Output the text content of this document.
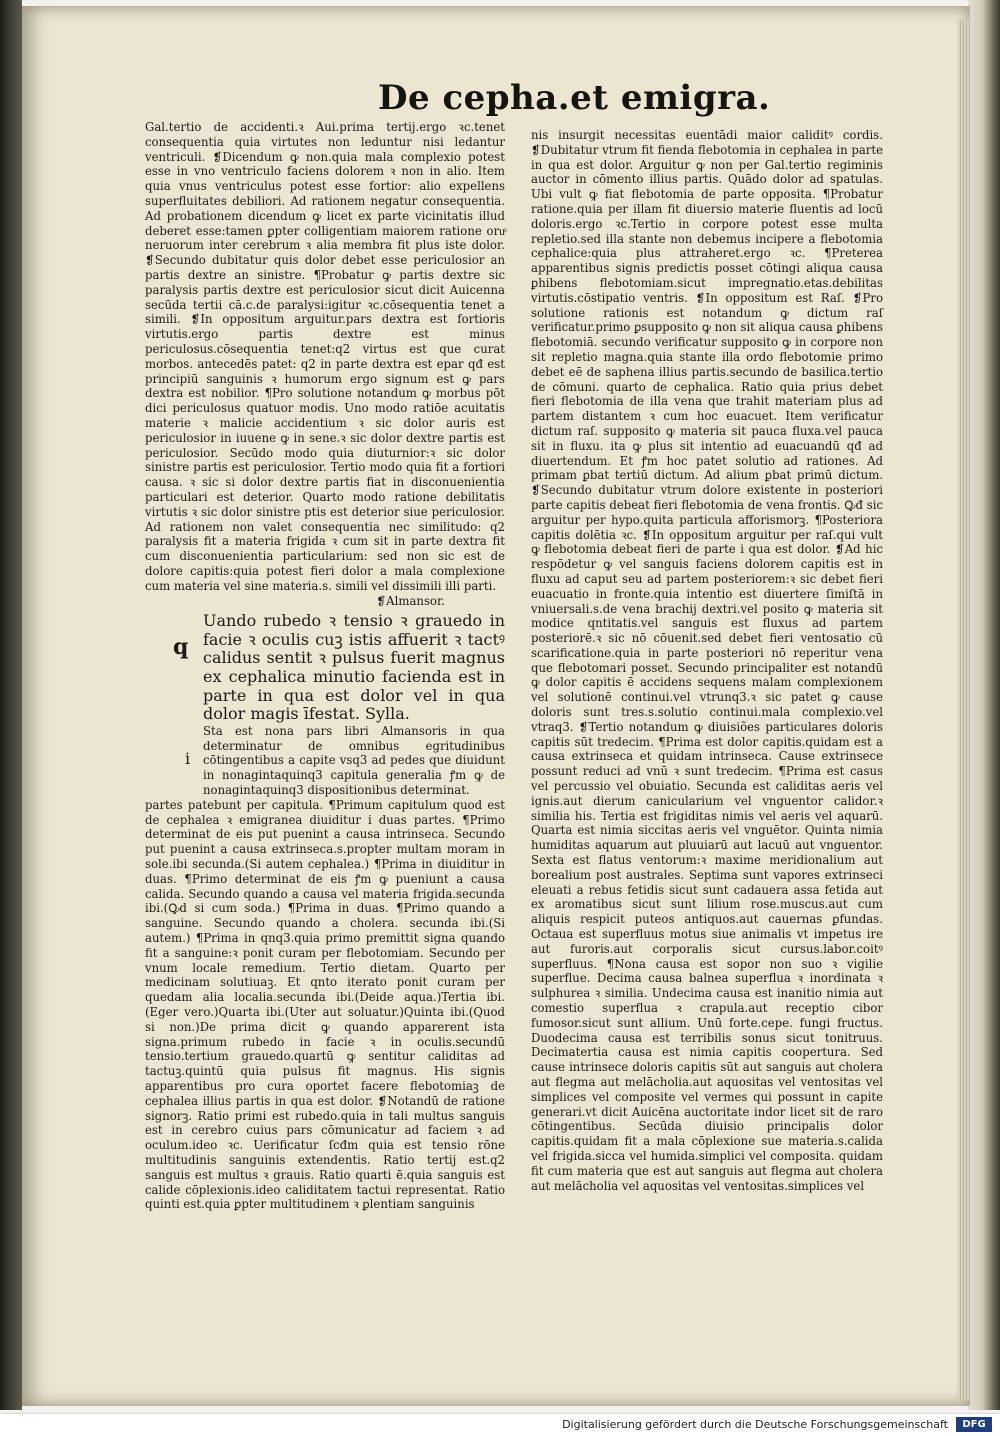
De cepha.et emigra.

Gal.tertio de accidenti.ꝛ Aui.prima tertij.ergo ꝛc.tenet consequentia quia virtutes non leduntur nisi ledantur ventriculi. ❡Dicendum ꝙ non.quia mala complexio potest esse in vno ventriculo faciens dolorem ꝛ non in alio. Item quia vnus ventriculus potest esse fortior: alio expellens superfluitates debiliori. Ad rationem negatur consequentia. Ad probationem dicendum ꝙ licet ex parte vicinitatis illud deberet esse:tamen ꝑpter colligentiam maiorem ratione oruͦ neruorum inter cerebrum ꝛ alia membra fit plus iste dolor. ❡Secundo dubitatur quis dolor debet esse periculosior an partis dextre an sinistre. ¶Probatur ꝙ partis dextre sic paralysis partis dextre est periculosior sicut dicit Auicenna secūda tertii cā.c.de paralysi:igitur ꝛc.cōsequentia tenet a simili. ❡In oppositum arguitur.pars dextra est fortioris virtutis.ergo partis dextre est minus periculosus.cōsequentia tenet:q2 virtus est que curat morbos. antecedēs patet: q2 in parte dextra est epar qđ est principiū sanguinis ꝛ humorum ergo signum est ꝙ pars dextra est nobilior. ¶Pro solutione notandum ꝙ morbus pōt dici periculosus quatuor modis. Uno modo ratiōe acuitatis materie ꝛ malicie accidentium ꝛ sic dolor auris est periculosior in iuuene ꝙ in sene.ꝛ sic dolor dextre partis est periculosior. Secūdo modo quia diuturnior:ꝛ sic dolor sinistre partis est periculosior. Tertio modo quia fit a fortiori causa. ꝛ sic si dolor dextre partis fiat in disconuenientia particulari est deterior. Quarto modo ratione debilitatis virtutis ꝛ sic dolor sinistre ptis est deterior siue periculosior. Ad rationem non valet consequentia nec similitudo: q2 paralysis fit a materia frigida ꝛ cum sit in parte dextra fit cum disconuenientia particularium: sed non sic est de dolore capitis:quia potest fieri dolor a mala complexione cum materia vel sine materia.s. simili vel dissimili illi parti.

❡Almansor.

q

Uando rubedo ꝛ tensio ꝛ grauedo in facie ꝛ oculis cuꝫ istis affuerit ꝛ tactꝰ calidus sentit ꝛ pulsus fuerit magnus ex cephalica minutio facienda est in parte in qua est dolor vel in qua dolor magis īfestat. Sylla.

i

Sta est nona pars libri Almansoris in qua determinatur de omnibus egritudinibus cōtingentibus a capite vsq3 ad pedes que diuidunt in nonagintaquinq3 capitula generalia ꝭm ꝙ de nonagintaquinq3 dispositionibus determinat.

partes patebunt per capitula. ¶Primum capitulum quod est de cephalea ꝛ emigranea diuiditur i duas partes. ¶Primo determinat de eis put puenint a causa intrinseca. Secundo put puenint a causa extrinseca.s.propter multam moram in sole.ibi secunda.(Si autem cephalea.) ¶Prima in diuiditur in duas. ¶Primo determinat de eis ꝭm ꝙ pueniunt a causa calida. Secundo quando a causa vel materia frigida.secunda ibi.(Ꝙd si cum soda.) ¶Prima in duas. ¶Primo quando a sanguine. Secundo quando a cholera. secunda ibi.(Si autem.) ¶Prima in qnq3.quia primo premittit signa quando fit a sanguine:ꝛ ponit curam per flebotomiam. Secundo per vnum locale remedium. Tertio dietam. Quarto per medicinam solutiuaꝫ. Et qnto iterato ponit curam per quedam alia localia.secunda ibi.(Deide aqua.)Tertia ibi.(Eger vero.)Quarta ibi.(Uter aut soluatur.)Quinta ibi.(Quod si non.)De prima dicit ꝙ quando apparerent ista signa.primum rubedo in facie ꝛ in oculis.secundū tensio.tertium grauedo.quartū ꝙ sentitur caliditas ad tactuꝫ.quintū quia pulsus fit magnus. His signis apparentibus pro cura oportet facere flebotomiaꝫ de cephalea illius partis in qua est dolor. ❡Notandū de ratione signorꝫ. Ratio primi est rubedo.quia in tali multus sanguis est in cerebro cuius pars cōmunicatur ad faciem ꝛ ad oculum.ideo ꝛc. Uerificatur ſcđm quia est tensio rōne multitudinis sanguinis extendentis. Ratio tertij est.q2 sanguis est multus ꝛ grauis. Ratio quarti ē.quia sanguis est calide cōplexionis.ideo caliditatem tactui representat. Ratio quinti est.quia ꝑpter multitudinem ꝛ ꝑlentiam sanguinis

nis insurgit necessitas euentādi maior caliditꝰ cordis. ❡Dubitatur vtrum fit fienda flebotomia in cephalea in parte in qua est dolor. Arguitur ꝙ non per Gal.tertio regiminis auctor in cōmento illius partis. Quādo dolor ad spatulas. Ubi vult ꝙ fiat flebotomia de parte opposita. ¶Probatur ratione.quia per illam fit diuersio materie fluentis ad locū doloris.ergo ꝛc.Tertio in corpore potest esse multa repletio.sed illa stante non debemus incipere a flebotomia cephalice:quia plus attraheret.ergo ꝛc. ¶Preterea apparentibus signis predictis posset cōtingi aliqua causa ꝑhibens flebotomiam.sicut impregnatio.etas.debilitas virtutis.cōstipatio ventris. ❡In oppositum est Raſ. ❡Pro solutione rationis est notandum ꝙ dictum raſ verificatur.primo ꝑsupposito ꝙ non sit aliqua causa ꝑhibens flebotomiā. secundo verificatur supposito ꝙ in corpore non sit repletio magna.quia stante illa ordo flebotomie primo debet eē de saphena illius partis.secundo de basilica.tertio de cōmuni. quarto de cephalica. Ratio quia prius debet fieri flebotomia de illa vena que trahit materiam plus ad partem distantem ꝛ cum hoc euacuet. Item verificatur dictum raſ. supposito ꝙ materia sit pauca fluxa.vel pauca sit in fluxu. ita ꝙ plus sit intentio ad euacuandū qđ ad diuertendum. Et ꝭm hoc patet solutio ad rationes. Ad primam ꝑbat tertiū dictum. Ad alium ꝑbat primū dictum. ❡Secundo dubitatur vtrum dolore existente in posteriori parte capitis debeat fieri flebotomia de vena frontis. Ꝙđ sic arguitur per hypo.quita particula afforismorꝫ. ¶Posteriora capitis dolētia ꝛc. ❡In oppositum arguitur per raſ.qui vult ꝙ flebotomia debeat fieri de parte i qua est dolor. ❡Ad hic respōdetur ꝙ vel sanguis faciens dolorem capitis est in fluxu ad caput seu ad partem posteriorem:ꝛ sic debet fieri euacuatio in fronte.quia intentio est diuertere ſimiſtā in vniuersali.s.de vena brachij dextri.vel posito ꝙ materia sit modice qntitatis.vel sanguis est fluxus ad partem posteriorē.ꝛ sic nō cōuenit.sed debet fieri ventosatio cū scarificatione.quia in parte posteriori nō reperitur vena que flebotomari posset. Secundo principaliter est notandū ꝙ dolor capitis ē accidens sequens malam complexionem vel solutionē continui.vel vtrunq3.ꝛ sic patet ꝙ cause doloris sunt tres.s.solutio continui.mala complexio.vel vtraq3. ❡Tertio notandum ꝙ diuisiões particulares doloris capitis sūt tredecim. ¶Prima est dolor capitis.quidam est a causa extrinseca et quidam intrinseca. Cause extrinsece possunt reduci ad vnū ꝛ sunt tredecim. ¶Prima est casus vel percussio vel obuiatio. Secunda est caliditas aeris vel ignis.aut dierum canicularium vel vnguentor calidor.ꝛ similia his. Tertia est frigiditas nimis vel aeris vel aquarū. Quarta est nimia siccitas aeris vel vnguētor. Quinta nimia humiditas aquarum aut pluuiarū aut lacuū aut vnguentor. Sexta est flatus ventorum:ꝛ maxime meridionalium aut borealium post australes. Septima sunt vapores extrinseci eleuati a rebus fetidis sicut sunt cadauera assa fetida aut ex aromatibus sicut sunt lilium rose.muscus.aut cum aliquis respicit puteos antiquos.aut cauernas ꝑfundas. Octaua est superfluus motus siue animalis vt impetus ire aut furoris.aut corporalis sicut cursus.labor.coitꝰ superfluus. ¶Nona causa est sopor non suo ꝛ vigilie superflue. Decima causa balnea superflua ꝛ inordinata ꝛ sulphurea ꝛ similia. Undecima causa est inanitio nimia aut comestio superflua ꝛ crapula.aut receptio cibor fumosor.sicut sunt allium. Unū forte.cepe. fungi fructus. Duodecima causa est terribilis sonus sicut tonitruus. Decimatertia causa est nimia capitis coopertura. Sed cause intrinsece doloris capitis sūt aut sanguis aut cholera aut flegma aut melācholia.aut aquositas vel ventositas vel simplices vel composite vel vermes qui possunt in capite generari.vt dicit Auicēna auctoritate indor licet sit de raro cōtingentibus. Secūda diuisio principalis dolor capitis.quidam fit a mala cōplexione sue materia.s.calida vel frigida.sicca vel humida.simplici vel composita. quidam fit cum materia que est aut sanguis aut flegma aut cholera aut melācholia vel aquositas vel ventositas.simplices vel

Digitalisierung gefördert durch die Deutsche Forschungsgemeinschaft	DFG
